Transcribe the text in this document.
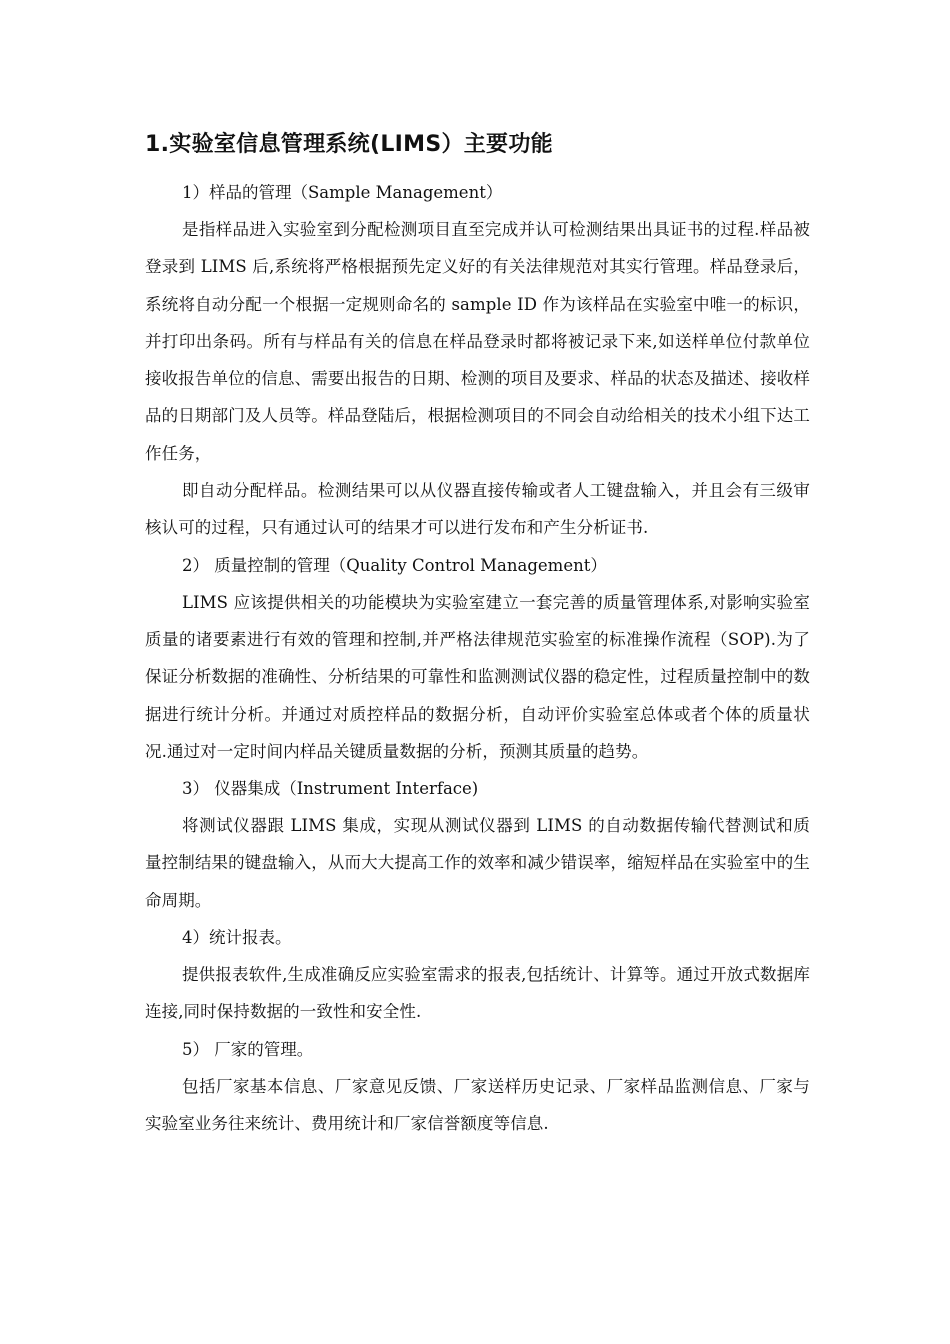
1.实验室信息管理系统(LIMS）主要功能

1）样品的管理（Sample Management）

是指样品进入实验室到分配检测项目直至完成并认可检测结果出具证书的过程.样品被登录到 LIMS 后,系统将严格根据预先定义好的有关法律规范对其实行管理。样品登录后，系统将自动分配一个根据一定规则命名的 sample ID 作为该样品在实验室中唯一的标识，并打印出条码。所有与样品有关的信息在样品登录时都将被记录下来,如送样单位付款单位接收报告单位的信息、需要出报告的日期、检测的项目及要求、样品的状态及描述、接收样品的日期部门及人员等。样品登陆后，根据检测项目的不同会自动给相关的技术小组下达工作任务，

即自动分配样品。检测结果可以从仪器直接传输或者人工键盘输入，并且会有三级审核认可的过程，只有通过认可的结果才可以进行发布和产生分析证书.

2） 质量控制的管理（Quality Control Management）

LIMS 应该提供相关的功能模块为实验室建立一套完善的质量管理体系,对影响实验室质量的诸要素进行有效的管理和控制,并严格法律规范实验室的标准操作流程（SOP).为了保证分析数据的准确性、分析结果的可靠性和监测测试仪器的稳定性，过程质量控制中的数据进行统计分析。并通过对质控样品的数据分析，自动评价实验室总体或者个体的质量状况.通过对一定时间内样品关键质量数据的分析，预测其质量的趋势。

3） 仪器集成（Instrument Interface)

将测试仪器跟 LIMS 集成，实现从测试仪器到 LIMS 的自动数据传输代替测试和质量控制结果的键盘输入，从而大大提高工作的效率和减少错误率，缩短样品在实验室中的生命周期。

4）统计报表。

提供报表软件,生成准确反应实验室需求的报表,包括统计、计算等。通过开放式数据库连接,同时保持数据的一致性和安全性.

5） 厂家的管理。

包括厂家基本信息、厂家意见反馈、厂家送样历史记录、厂家样品监测信息、厂家与实验室业务往来统计、费用统计和厂家信誉额度等信息.
